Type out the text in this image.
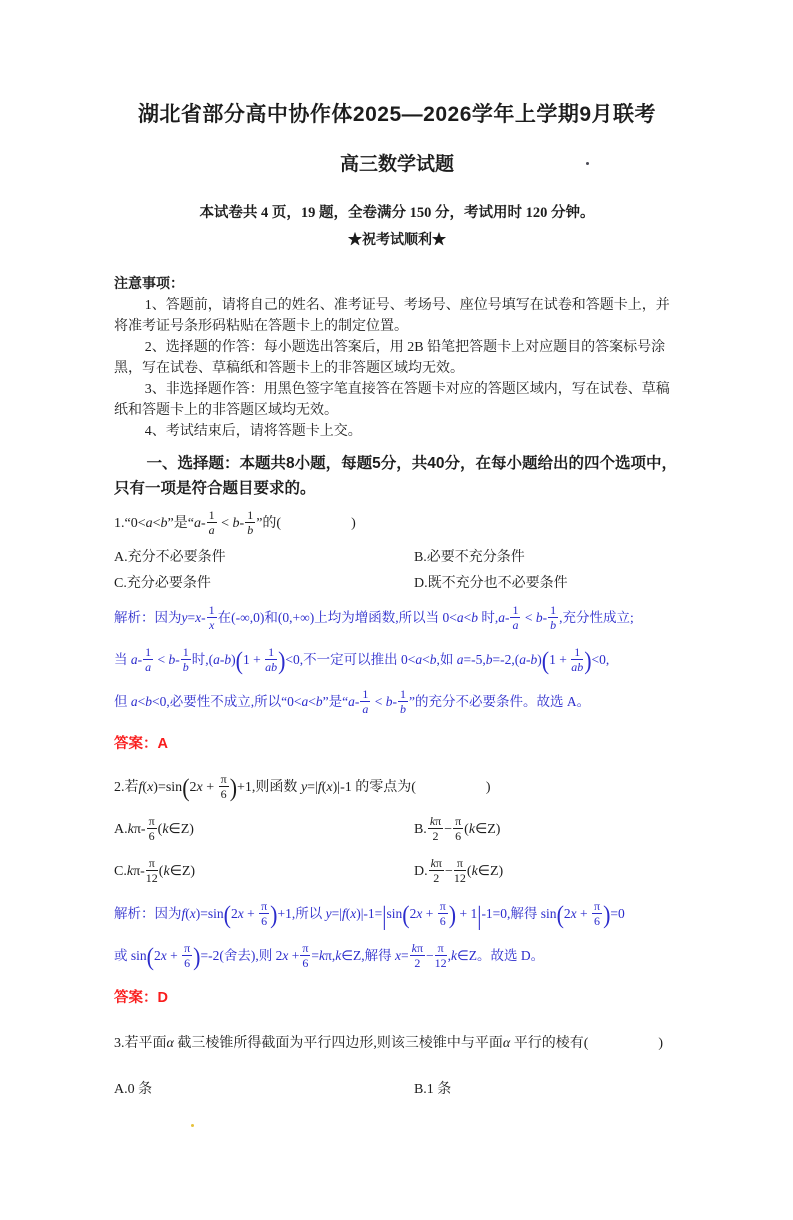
湖北省部分高中协作体2025—2026学年上学期9月联考
高三数学试题

本试卷共 4 页，19 题，全卷满分 150 分，考试用时 120 分钟。

★祝考试顺利★

注意事项：

1、答题前，请将自己的姓名、准考证号、考场号、座位号填写在试卷和答题卡上，并将准考证号条形码粘贴在答题卡上的制定位置。

2、选择题的作答：每小题选出答案后，用 2B 铅笔把答题卡上对应题目的答案标号涂黑，写在试卷、草稿纸和答题卡上的非答题区域均无效。

3、非选择题作答：用黑色签字笔直接答在答题卡对应的答题区域内，写在试卷、草稿纸和答题卡上的非答题区域均无效。

4、考试结束后，请将答题卡上交。

一、选择题：本题共8小题，每题5分，共40分，在每小题给出的四个选项中，只有一项是符合题目要求的。

1.“0<a<b”是“$a- \frac{1}{a} < b- \frac{1}{b}$ ”的(　　　　　)

A.充分不必要条件	B.必要不充分条件
C.充分必要条件	D.既不充分也不必要条件

解析：因为$y=x- \frac{1}{x}$ 在(-∞,0)和(0,+∞)上均为增函数,所以当 0<a<b 时$,a- \frac{1}{a} < b- \frac{1}{b}$ ,充分性成立;

当 $a- \frac{1}{a} < b- \frac{1}{b}$ 时$,(a-b)(1 + \frac{1}{ab} )<0$,不一定可以推出 0<a<b,如 $a=-5,b=-2,(a-b)(1 + \frac{1}{ab} )<0$,

但 a<b<0,必要性不成立,所以“0<a<b”是“$a- \frac{1}{a} < b- \frac{1}{b}$ ”的充分不必要条件。故选 A。

答案：A

2.若$f(x)=\sin(2x + \frac{\pi}{6} )+1$,则函数 y=|f(x)|-1 的零点为(　　　　　)

$A.k\pi- \frac{\pi}{6}$ (k∈Z)	B. $\frac{k\pi}{2} - \frac{\pi}{6}$ (k∈Z)
$C.k\pi- \frac{\pi}{12}$ (k∈Z)	D. $\frac{k\pi}{2} - \frac{\pi}{12}$ (k∈Z)

解析：因为$f(x)=\sin(2x + \frac{\pi}{6} )+1$,所以 $y=|f(x)|-1=|\sin(2x + \frac{\pi}{6}$ ) + 1|-1=0,解得 $\sin(2x + \frac{\pi}{6} )=0$

或 $\sin(2x + \frac{\pi}{6} )=-2$(舍去),则 $2x + \frac{\pi}{6}$ =kπ,k∈Z,解得 $x= \frac{k\pi}{2} - \frac{\pi}{12}$ ,k∈Z。故选 D。

答案：D

3.若平面α 截三棱锥所得截面为平行四边形,则该三棱锥中与平面α 平行的棱有(　　　　　)

A.0 条	B.1 条
